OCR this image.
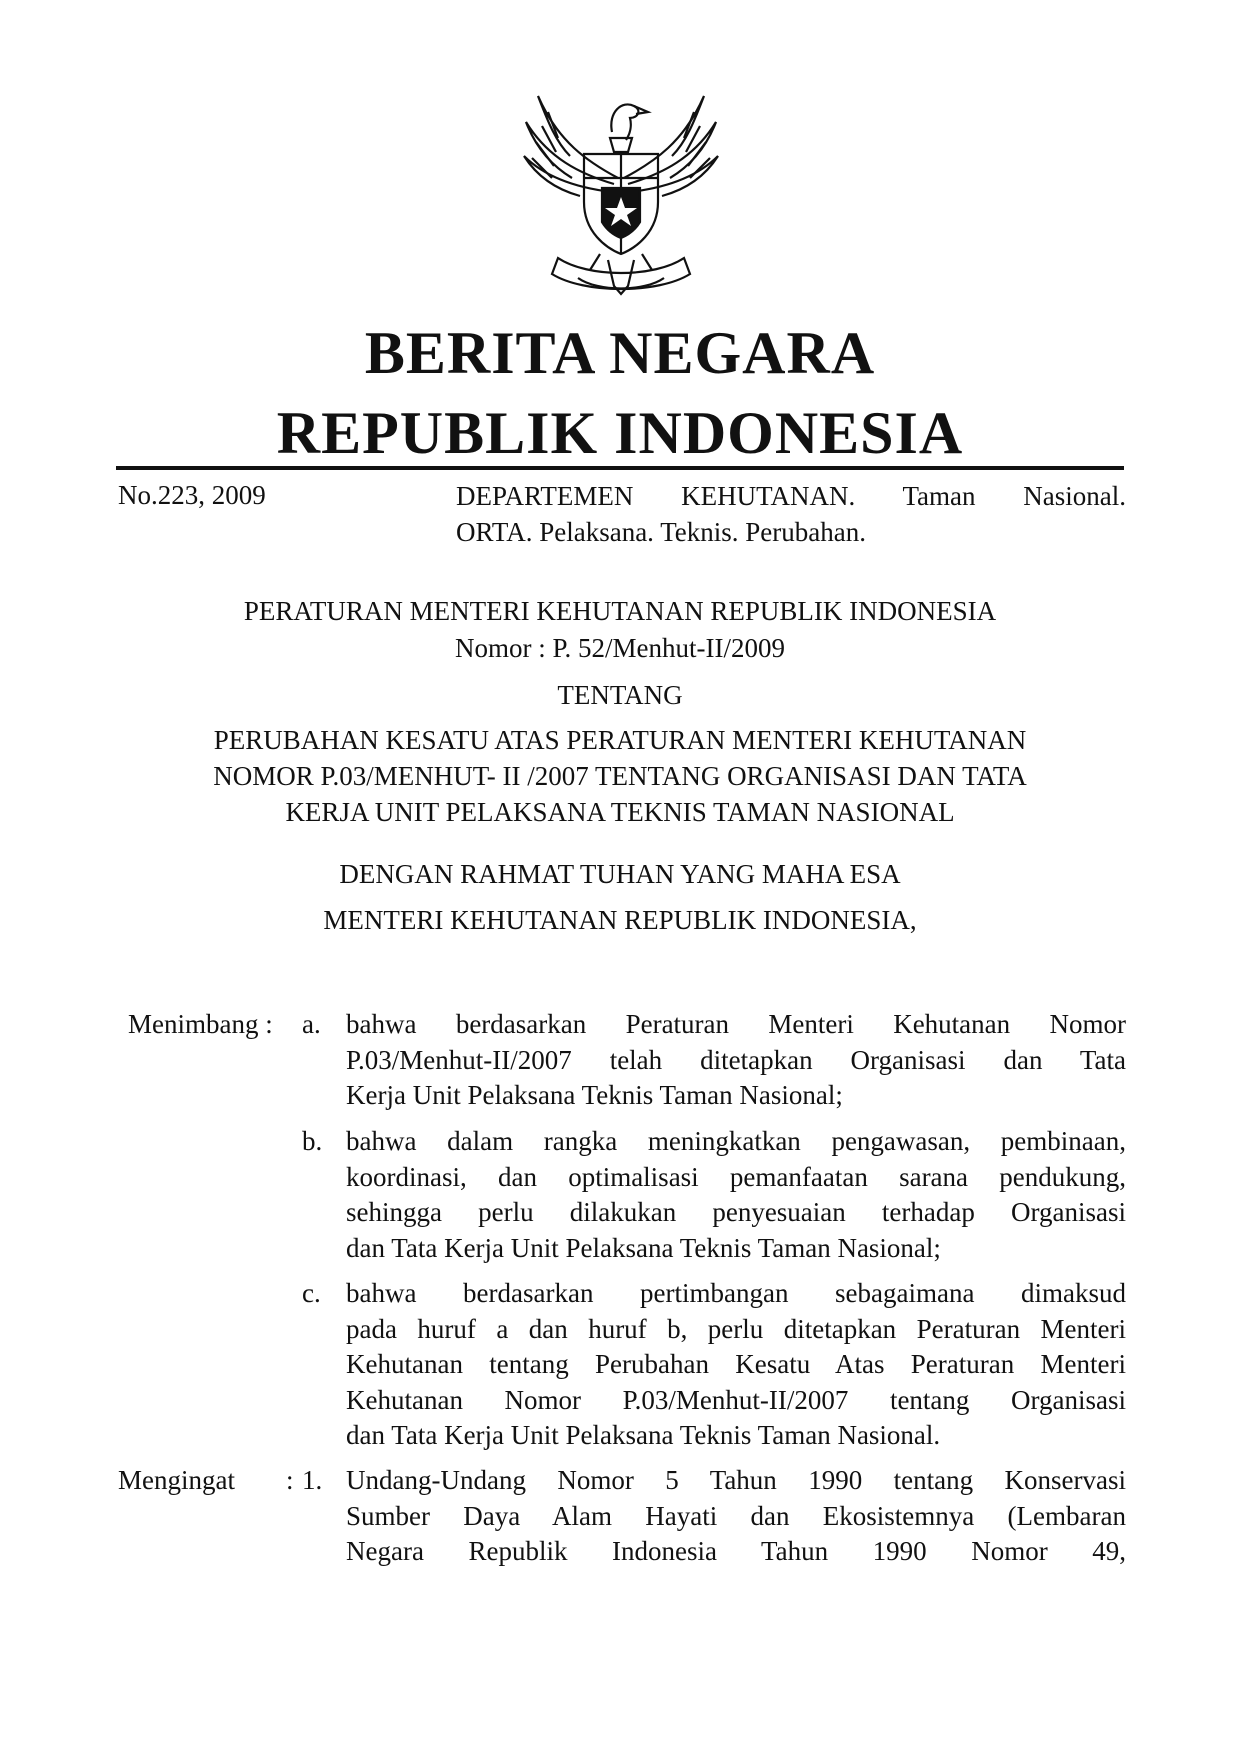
BERITA NEGARA
REPUBLIK INDONESIA
No.223, 2009	DEPARTEMEN KEHUTANAN. Taman Nasional.
ORTA. Pelaksana. Teknis. Perubahan.
PERATURAN MENTERI KEHUTANAN REPUBLIK INDONESIA
Nomor : P. 52/Menhut-II/2009
TENTANG
PERUBAHAN KESATU ATAS PERATURAN MENTERI KEHUTANAN
NOMOR P.03/MENHUT- II /2007 TENTANG ORGANISASI DAN TATA
KERJA UNIT PELAKSANA TEKNIS TAMAN NASIONAL
DENGAN RAHMAT TUHAN YANG MAHA ESA
MENTERI KEHUTANAN REPUBLIK INDONESIA,
Menimbang : a. bahwa berdasarkan Peraturan Menteri Kehutanan Nomor
P.03/Menhut-II/2007 telah ditetapkan Organisasi dan Tata
Kerja Unit Pelaksana Teknis Taman Nasional;
b. bahwa dalam rangka meningkatkan pengawasan, pembinaan,
koordinasi, dan optimalisasi pemanfaatan sarana pendukung,
sehingga perlu dilakukan penyesuaian terhadap Organisasi
dan Tata Kerja Unit Pelaksana Teknis Taman Nasional;
c. bahwa berdasarkan pertimbangan sebagaimana dimaksud
pada huruf a dan huruf b, perlu ditetapkan Peraturan Menteri
Kehutanan tentang Perubahan Kesatu Atas Peraturan Menteri
Kehutanan Nomor P.03/Menhut-II/2007 tentang Organisasi
dan Tata Kerja Unit Pelaksana Teknis Taman Nasional.
Mengingat : 1. Undang-Undang Nomor 5 Tahun 1990 tentang Konservasi
Sumber Daya Alam Hayati dan Ekosistemnya (Lembaran
Negara Republik Indonesia Tahun 1990 Nomor 49,
